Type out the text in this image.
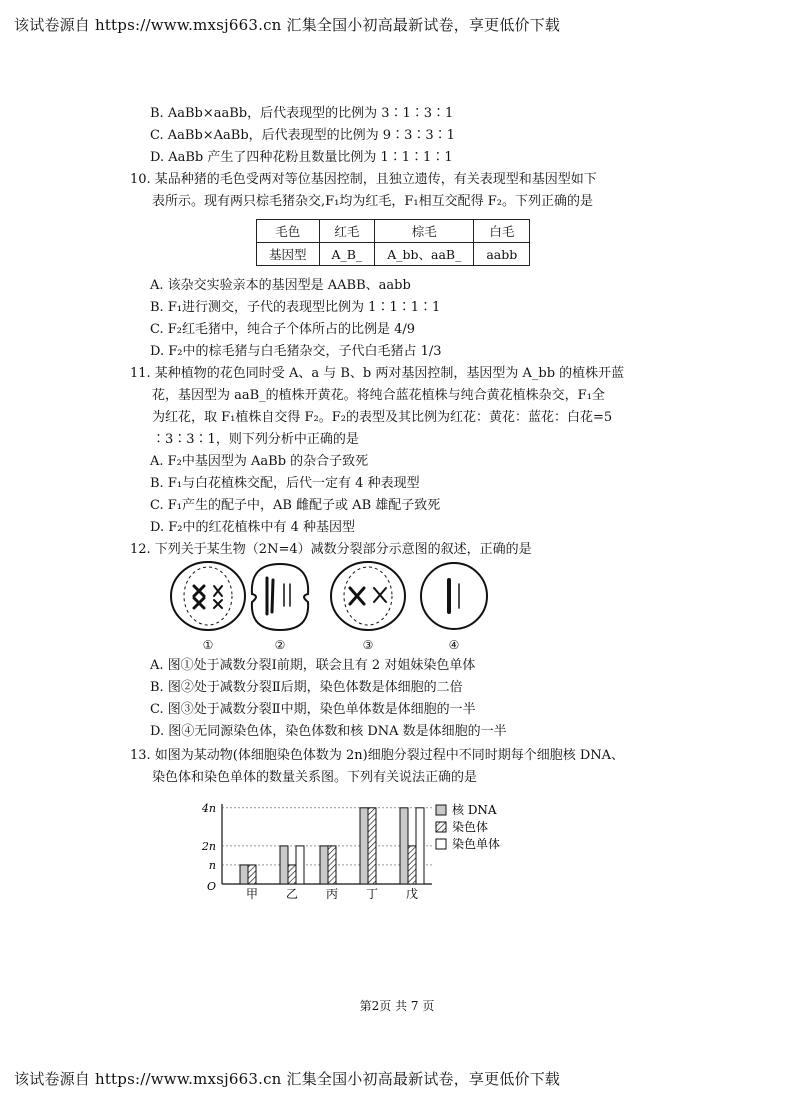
该试卷源自 https://www.mxsj663.cn 汇集全国小初高最新试卷，享更低价下载
B. AaBb×aaBb，后代表现型的比例为 3∶1∶3∶1
C. AaBb×AaBb，后代表现型的比例为 9∶3∶3∶1
D. AaBb 产生了四种花粉且数量比例为 1∶1∶1∶1
10. 某品种猪的毛色受两对等位基因控制，且独立遗传，有关表现型和基因型如下
表所示。现有两只棕毛猪杂交,F₁均为红毛，F₁相互交配得 F₂。下列正确的是
毛色	红毛	棕毛	白毛
基因型	A_B_	A_bb、aaB_	aabb
A. 该杂交实验亲本的基因型是 AABB、aabb
B. F₁进行测交，子代的表现型比例为 1∶1∶1∶1
C. F₂红毛猪中，纯合子个体所占的比例是 4/9
D. F₂中的棕毛猪与白毛猪杂交，子代白毛猪占 1/3
11. 某种植物的花色同时受 A、a 与 B、b 两对基因控制，基因型为 A_bb 的植株开蓝
花，基因型为 aaB_的植株开黄花。将纯合蓝花植株与纯合黄花植株杂交，F₁全
为红花，取 F₁植株自交得 F₂。F₂的表型及其比例为红花：黄花：蓝花：白花=5
∶3∶3∶1，则下列分析中正确的是
A. F₂中基因型为 AaBb 的杂合子致死
B. F₁与白花植株交配，后代一定有 4 种表现型
C. F₁产生的配子中，AB 雌配子或 AB 雄配子致死
D. F₂中的红花植株中有 4 种基因型
12. 下列关于某生物（2N=4）减数分裂部分示意图的叙述，正确的是
①	②	③	④
A. 图①处于减数分裂Ⅰ前期，联会且有 2 对姐妹染色单体
B. 图②处于减数分裂Ⅱ后期，染色体数是体细胞的二倍
C. 图③处于减数分裂Ⅱ中期，染色单体数是体细胞的一半
D. 图④无同源染色体，染色体数和核 DNA 数是体细胞的一半
13. 如图为某动物(体细胞染色体数为 2n)细胞分裂过程中不同时期每个细胞核 DNA、
染色体和染色单体的数量关系图。下列有关说法正确的是
O
n
2n
4n
甲 乙 丙 丁 戊
核 DNA
染色体
染色单体
第2页 共 7 页
该试卷源自 https://www.mxsj663.cn 汇集全国小初高最新试卷，享更低价下载
